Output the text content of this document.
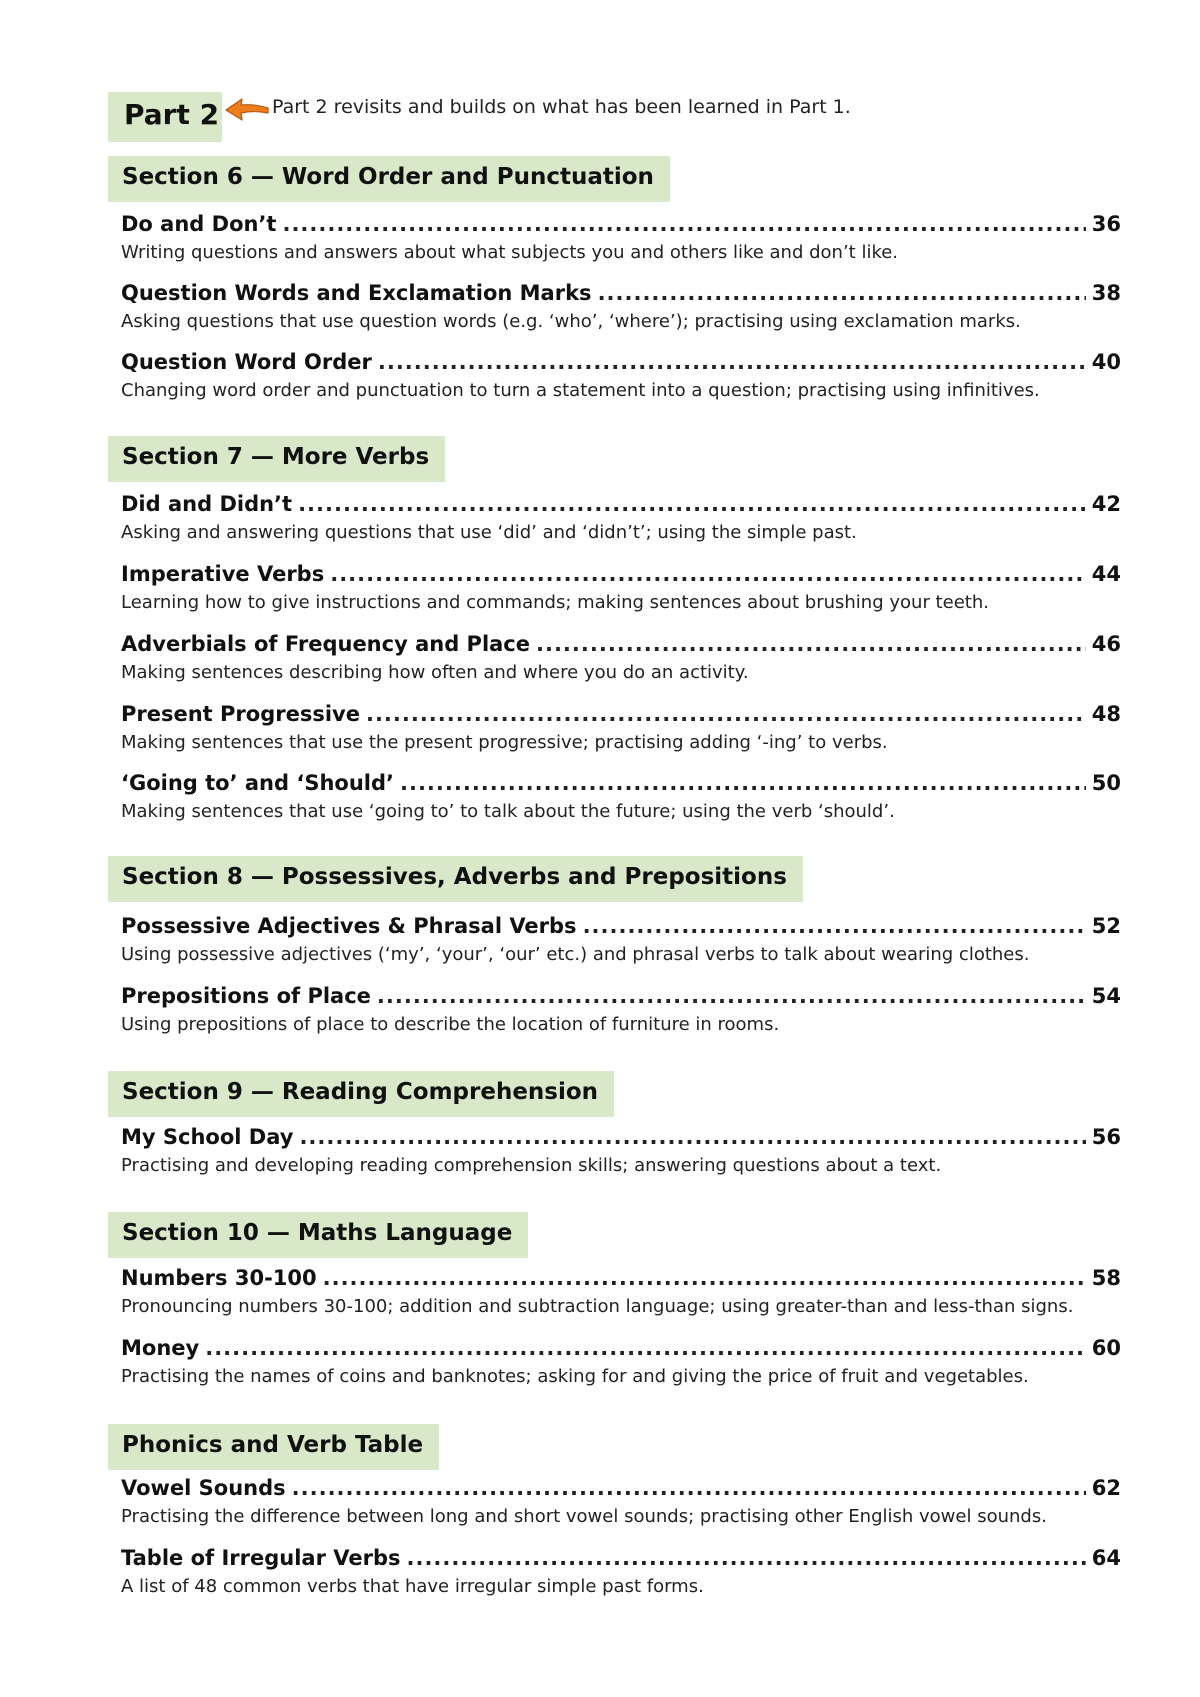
Part 2	Part 2 revisits and builds on what has been learned in Part 1.
Section 6 — Word Order and Punctuation
Do and Don’t .....	36
Writing questions and answers about what subjects you and others like and don’t like.
Question Words and Exclamation Marks .....	38
Asking questions that use question words (e.g. ‘who’, ‘where’); practising using exclamation marks.
Question Word Order .....	40
Changing word order and punctuation to turn a statement into a question; practising using infinitives.
Section 7 — More Verbs
Did and Didn’t .....	42
Asking and answering questions that use ‘did’ and ‘didn’t’; using the simple past.
Imperative Verbs .....	44
Learning how to give instructions and commands; making sentences about brushing your teeth.
Adverbials of Frequency and Place .....	46
Making sentences describing how often and where you do an activity.
Present Progressive .....	48
Making sentences that use the present progressive; practising adding ‘-ing’ to verbs.
‘Going to’ and ‘Should’ .....	50
Making sentences that use ‘going to’ to talk about the future; using the verb ‘should’.
Section 8 — Possessives, Adverbs and Prepositions
Possessive Adjectives & Phrasal Verbs .....	52
Using possessive adjectives (‘my’, ‘your’, ‘our’ etc.) and phrasal verbs to talk about wearing clothes.
Prepositions of Place .....	54
Using prepositions of place to describe the location of furniture in rooms.
Section 9 — Reading Comprehension
My School Day .....	56
Practising and developing reading comprehension skills; answering questions about a text.
Section 10 — Maths Language
Numbers 30-100 .....	58
Pronouncing numbers 30-100; addition and subtraction language; using greater-than and less-than signs.
Money .....	60
Practising the names of coins and banknotes; asking for and giving the price of fruit and vegetables.
Phonics and Verb Table
Vowel Sounds .....	62
Practising the difference between long and short vowel sounds; practising other English vowel sounds.
Table of Irregular Verbs .....	64
A list of 48 common verbs that have irregular simple past forms.
